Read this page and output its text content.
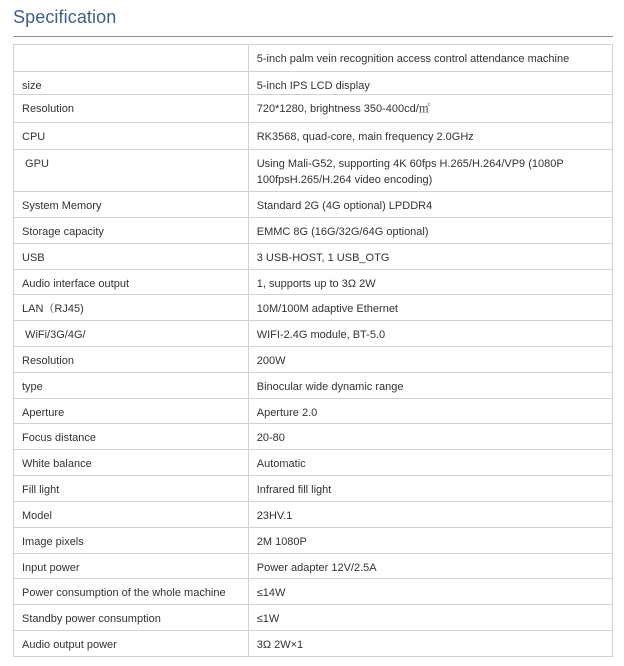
Specification

	5-inch palm vein recognition access control attendance machine

size	5-inch IPS LCD display

Resolution	720*1280, brightness 350-400cd/㎡

CPU	RK3568, quad-core, main frequency 2.0GHz

GPU	Using Mali-G52, supporting 4K 60fps H.265/H.264/VP9 (1080P 100fpsH.265/H.264 video encoding)

System Memory	Standard 2G (4G optional) LPDDR4

Storage capacity	EMMC 8G (16G/32G/64G optional)

USB	3 USB-HOST, 1 USB_OTG

Audio interface output	1, supports up to 3Ω 2W

LAN（RJ45)	10M/100M adaptive Ethernet

WiFi/3G/4G/	WIFI-2.4G module, BT-5.0

Resolution	200W

type	Binocular wide dynamic range

Aperture	Aperture 2.0

Focus distance	20-80

White balance	Automatic

Fill light	Infrared fill light

Model	23HV.1

Image pixels	2M 1080P

Input power	Power adapter 12V/2.5A

Power consumption of the whole machine	≤14W

Standby power consumption	≤1W

Audio output power	3Ω 2W×1
